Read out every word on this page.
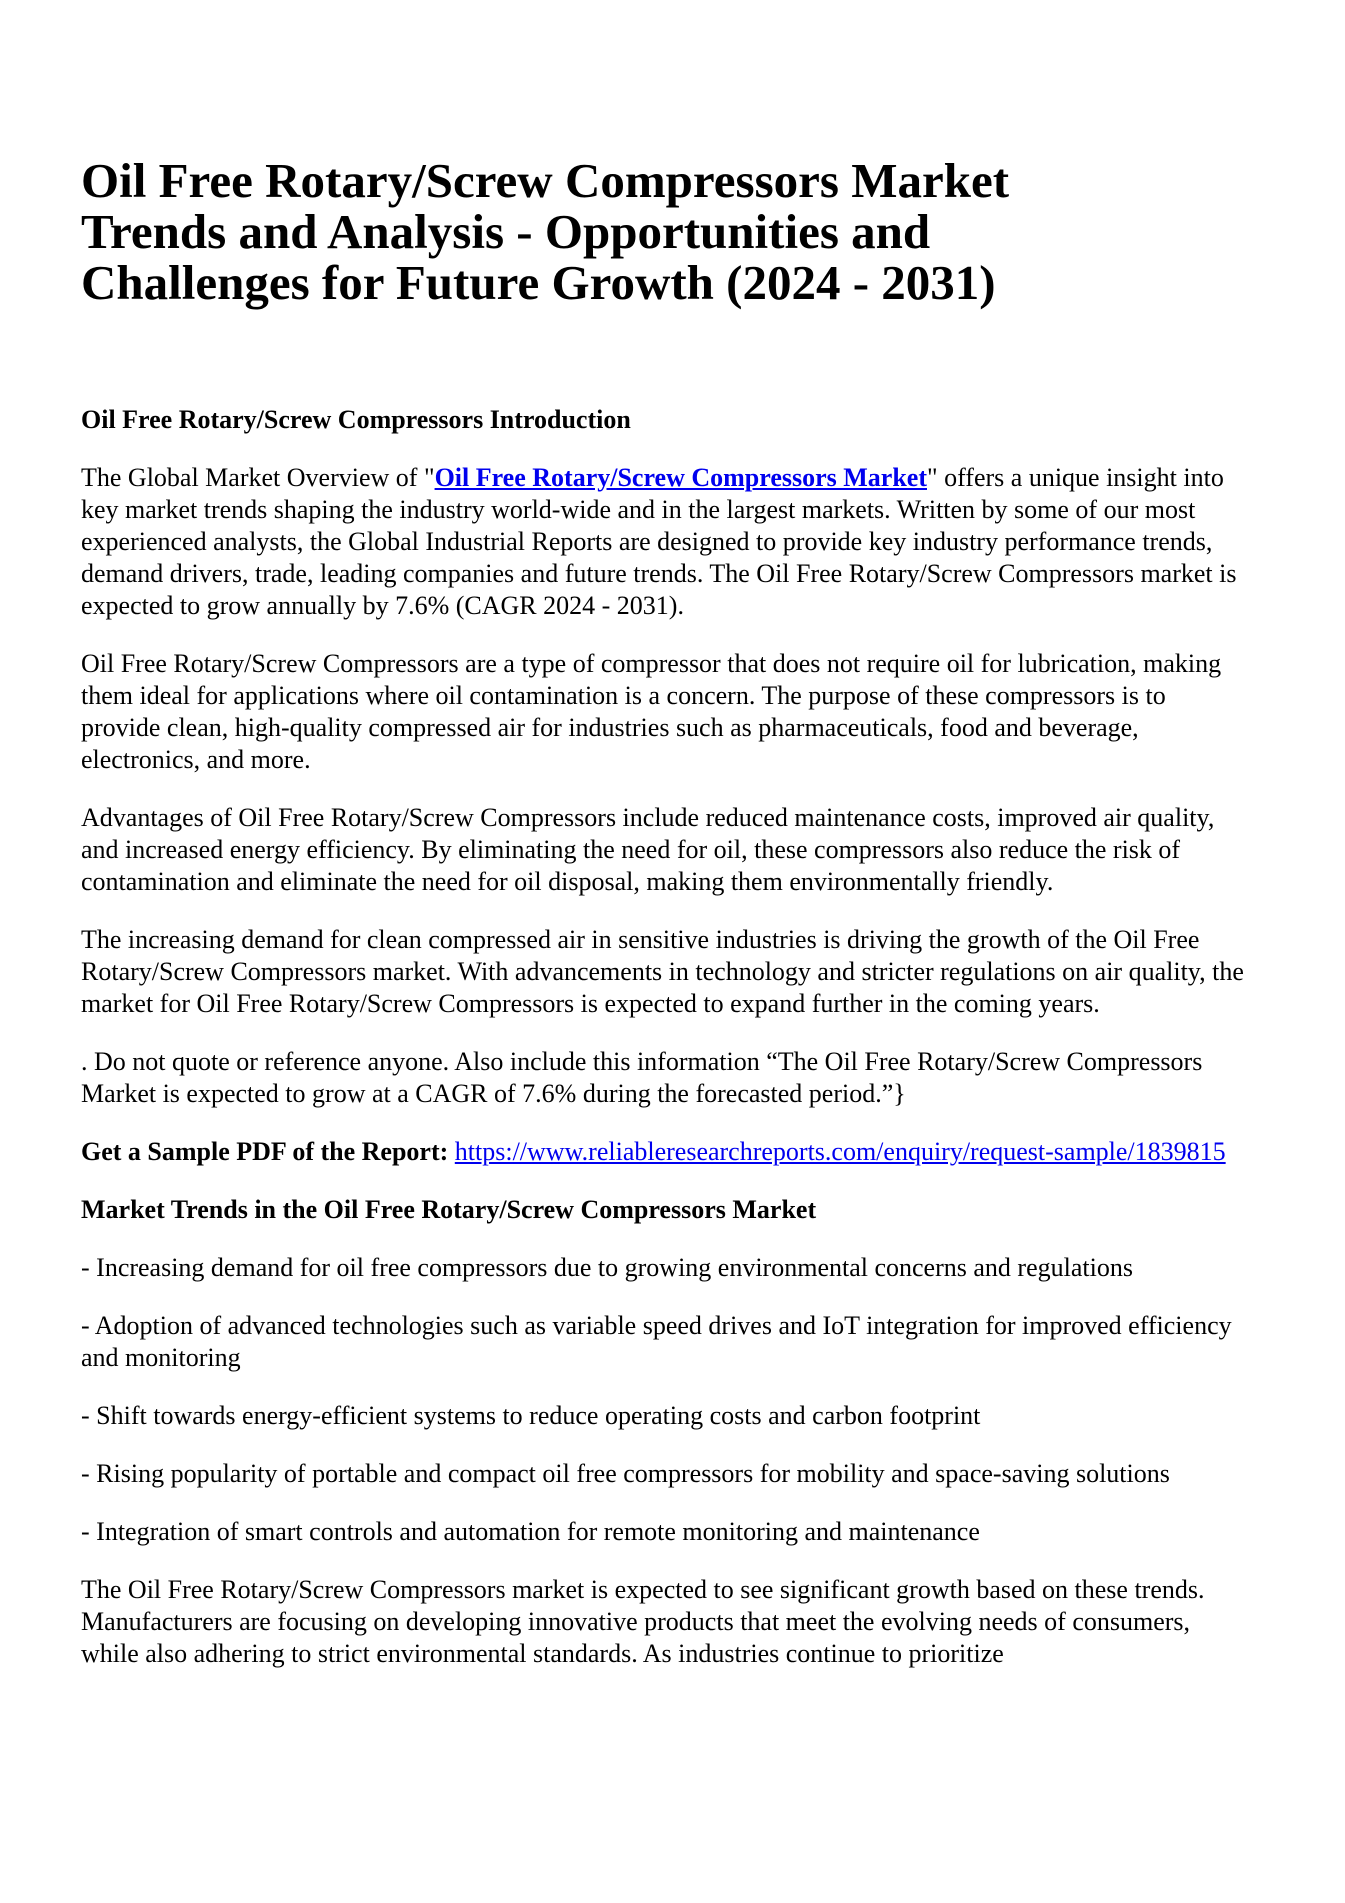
Oil Free Rotary/Screw Compressors Market Trends and Analysis - Opportunities and Challenges for Future Growth (2024 - 2031)
Oil Free Rotary/Screw Compressors Introduction

The Global Market Overview of "Oil Free Rotary/Screw Compressors Market" offers a unique insight into key market trends shaping the industry world-wide and in the largest markets. Written by some of our most experienced analysts, the Global Industrial Reports are designed to provide key industry performance trends, demand drivers, trade, leading companies and future trends. The Oil Free Rotary/Screw Compressors market is expected to grow annually by 7.6% (CAGR 2024 - 2031).

Oil Free Rotary/Screw Compressors are a type of compressor that does not require oil for lubrication, making them ideal for applications where oil contamination is a concern. The purpose of these compressors is to provide clean, high-quality compressed air for industries such as pharmaceuticals, food and beverage, electronics, and more.

Advantages of Oil Free Rotary/Screw Compressors include reduced maintenance costs, improved air quality, and increased energy efficiency. By eliminating the need for oil, these compressors also reduce the risk of contamination and eliminate the need for oil disposal, making them environmentally friendly.

The increasing demand for clean compressed air in sensitive industries is driving the growth of the Oil Free Rotary/Screw Compressors market. With advancements in technology and stricter regulations on air quality, the market for Oil Free Rotary/Screw Compressors is expected to expand further in the coming years.

. Do not quote or reference anyone. Also include this information “The Oil Free Rotary/Screw Compressors Market is expected to grow at a CAGR of 7.6% during the forecasted period.”}

Get a Sample PDF of the Report: https://www.reliableresearchreports.com/enquiry/request-sample/1839815

Market Trends in the Oil Free Rotary/Screw Compressors Market

- Increasing demand for oil free compressors due to growing environmental concerns and regulations

- Adoption of advanced technologies such as variable speed drives and IoT integration for improved efficiency and monitoring

- Shift towards energy-efficient systems to reduce operating costs and carbon footprint

- Rising popularity of portable and compact oil free compressors for mobility and space-saving solutions

- Integration of smart controls and automation for remote monitoring and maintenance

The Oil Free Rotary/Screw Compressors market is expected to see significant growth based on these trends. Manufacturers are focusing on developing innovative products that meet the evolving needs of consumers, while also adhering to strict environmental standards. As industries continue to prioritize
